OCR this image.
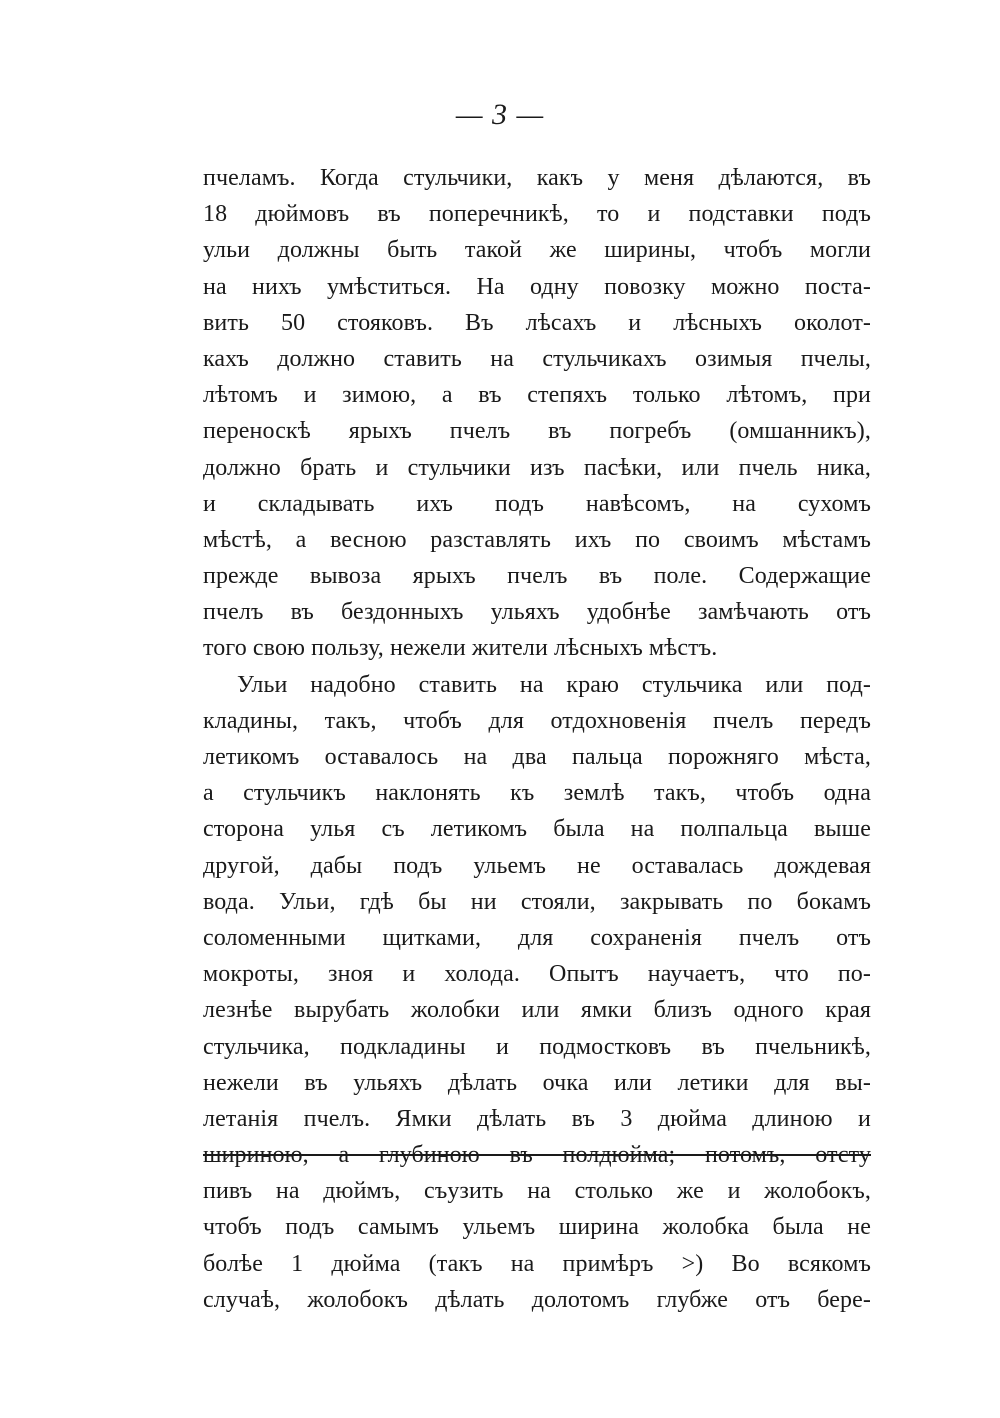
— 3 —
пчеламъ. Когда стульчики, какъ у меня дѣлаются, въ
18 дюймовъ въ поперечникѣ, то и подставки подъ
ульи должны быть такой же ширины, чтобъ могли
на нихъ умѣститься. На одну повозку можно поста-
вить 50 стояковъ. Въ лѣсахъ и лѣсныхъ околот-
кахъ должно ставить на стульчикахъ озимыя пчелы,
лѣтомъ и зимою, а въ степяхъ только лѣтомъ, при
переноскѣ ярыхъ пчелъ въ погребъ (омшанникъ),
должно брать и стульчики изъ пасѣки, или пчель ника,
и складывать ихъ подъ навѣсомъ, на сухомъ
мѣстѣ, а весною разставлять ихъ по своимъ мѣстамъ
прежде вывоза ярыхъ пчелъ въ поле. Содержащие
пчелъ въ бездонныхъ ульяхъ удобнѣе замѣчають отъ
того свою пользу, нежели жители лѣсныхъ мѣстъ.
Ульи надобно ставить на краю стульчика или под-
кладины, такъ, чтобъ для отдохновенія пчелъ передъ
летикомъ оставалось на два пальца порожняго мѣста,
а стульчикъ наклонять къ землѣ такъ, чтобъ одна
сторона улья съ летикомъ была на полпальца выше
другой, дабы подъ ульемъ не оставалась дождевая
вода. Ульи, гдѣ бы ни стояли, закрывать по бокамъ
соломенными щитками, для сохраненія пчелъ отъ
мокроты, зноя и холода. Опытъ научаетъ, что по-
лезнѣе вырубать жолобки или ямки близъ одного края
стульчика, подкладины и подмостковъ въ пчельникѣ,
нежели въ ульяхъ дѣлать очка или летики для вы-
летанія пчелъ. Ямки дѣлать въ 3 дюйма длиною и
шириною, а глубиною въ полдюйма; потомъ, отсту
пивъ на дюймъ, съузить на столько же и жолобокъ,
чтобъ подъ самымъ ульемъ ширина жолобка была не
болѣе 1 дюйма (такъ на примѣръ >) Во всякомъ
случаѣ, жолобокъ дѣлать долотомъ глубже отъ бере-
